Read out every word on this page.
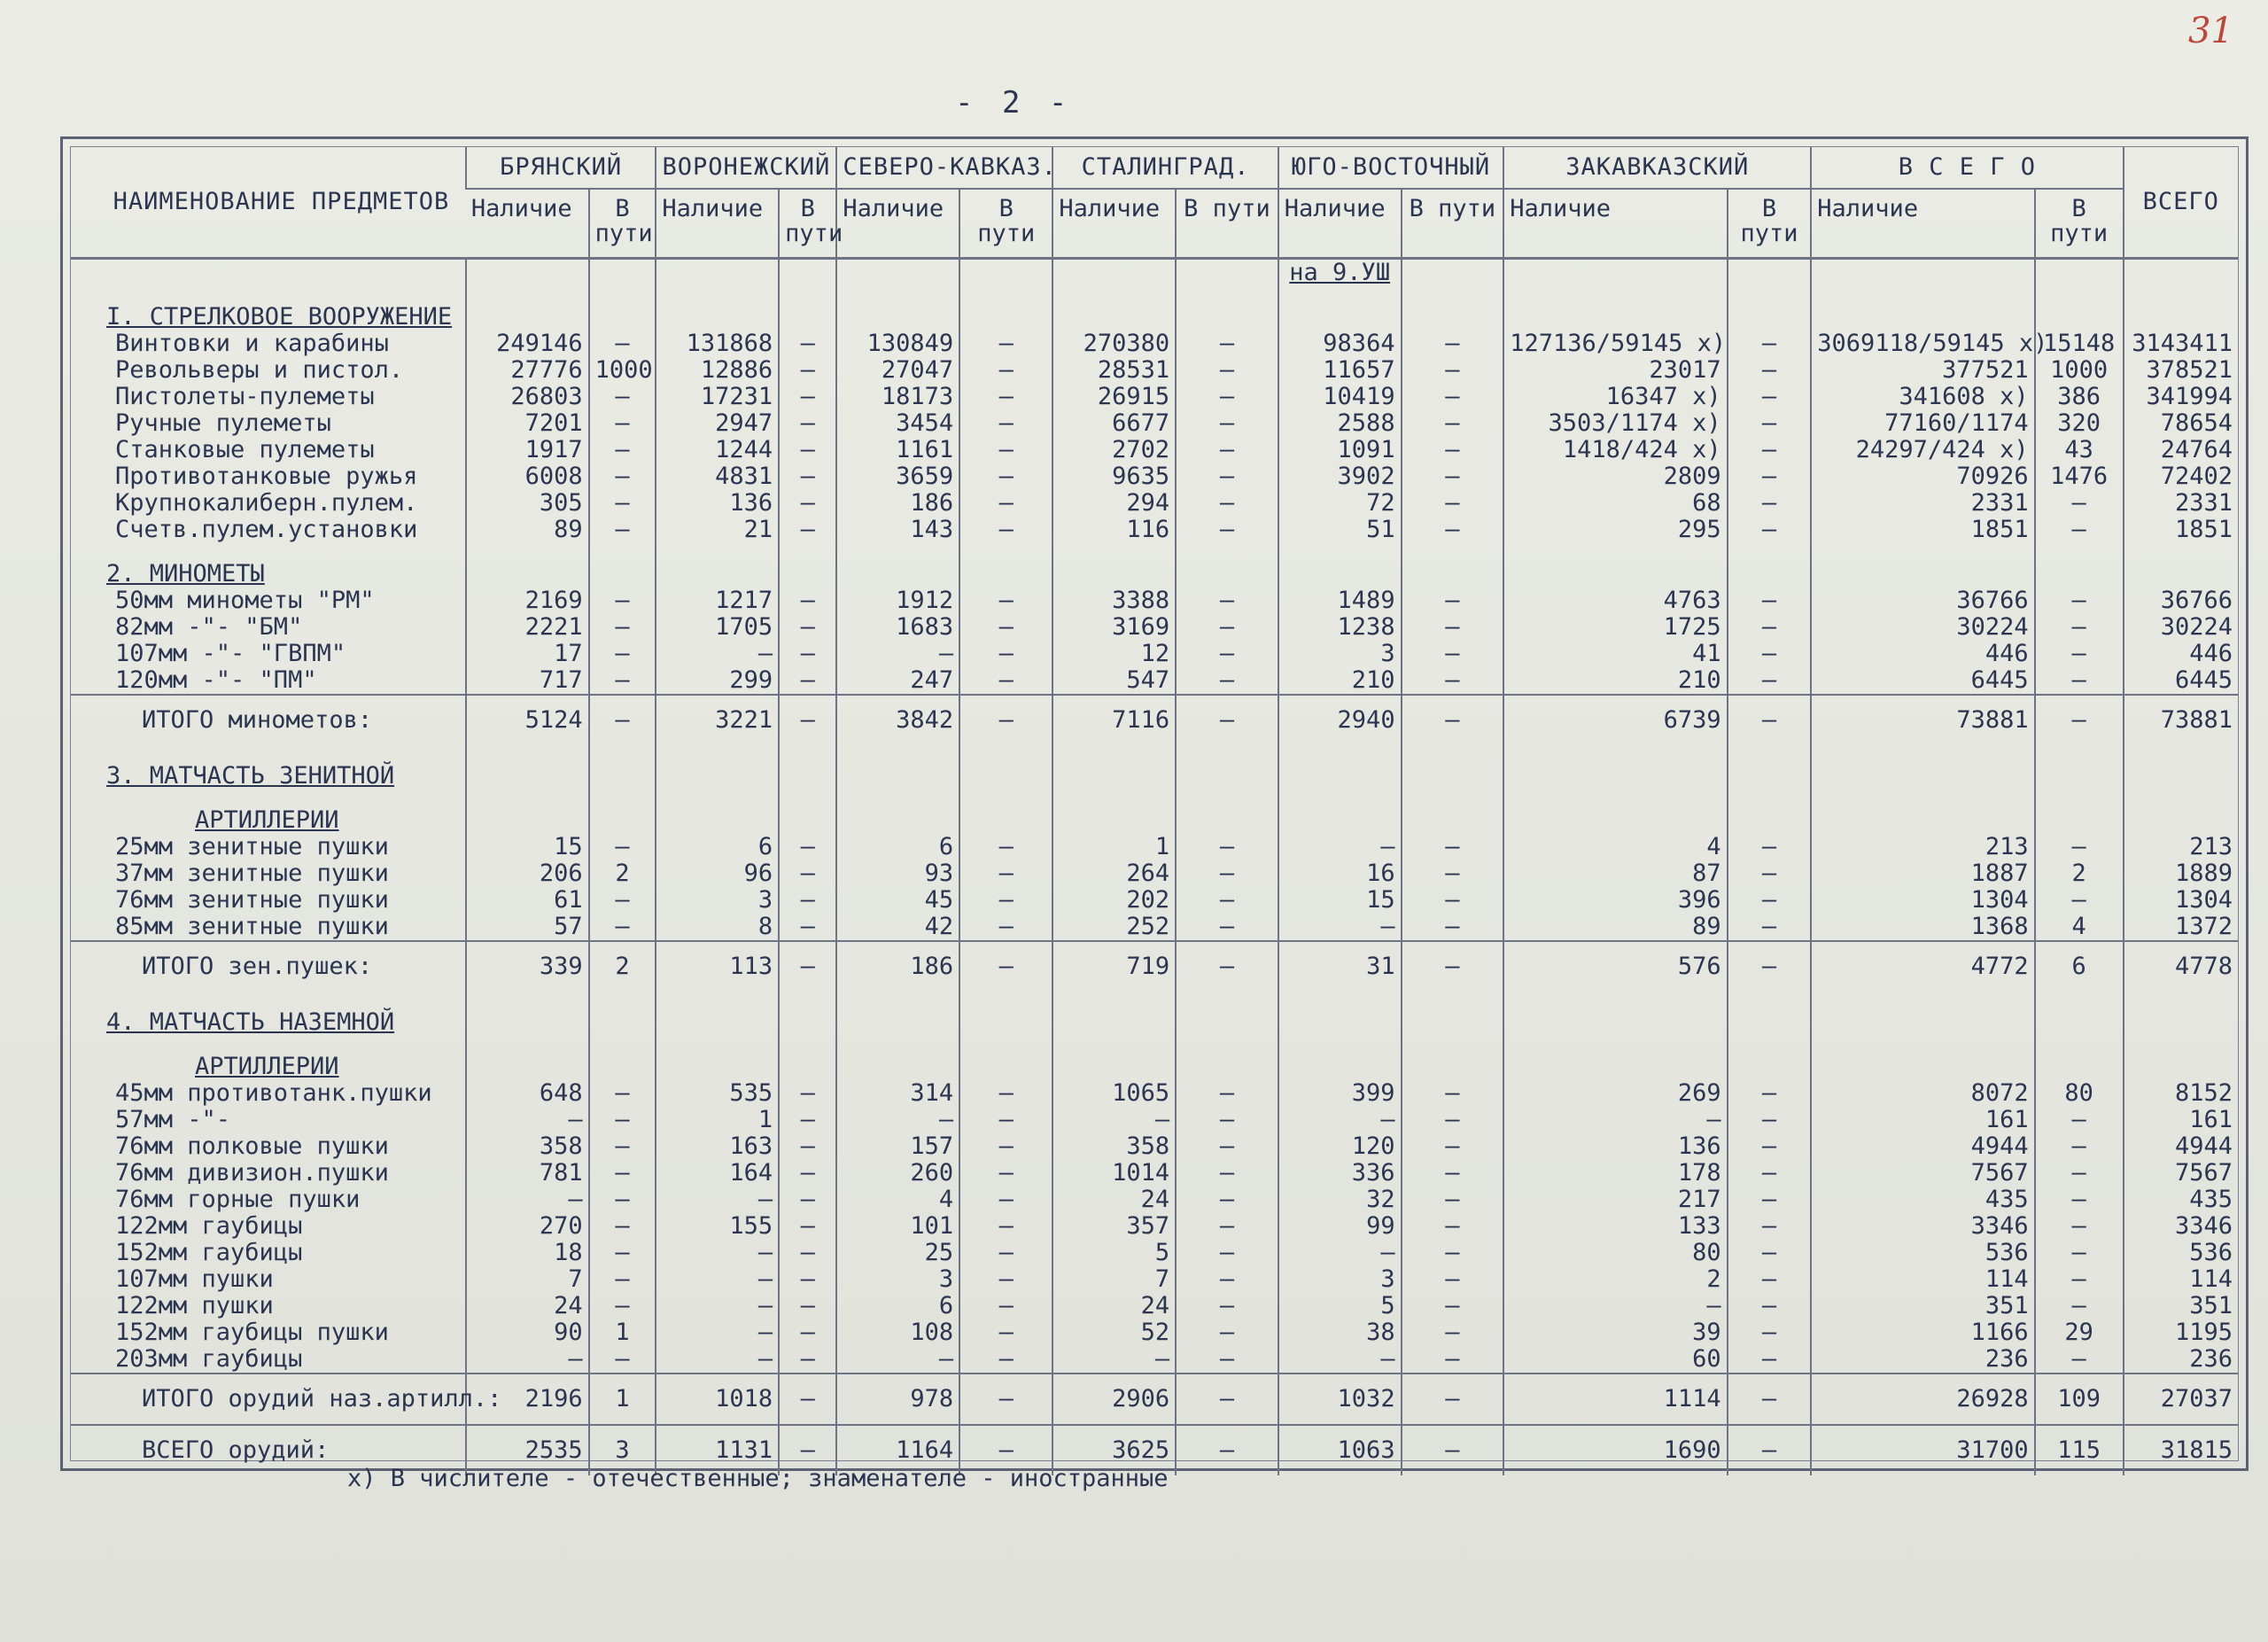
31
- 2 -
НАИМЕНОВАНИЕ ПРЕДМЕТОВ	БРЯНСКИЙ		ВОРОНЕЖСКИЙ		СЕВЕРО-КАВКАЗ.		СТАЛИНГРАД.		ЮГО-ВОСТОЧНЫЙ		ЗАКАВКАЗСКИЙ		В С Е Г О		ВСЕГО
	Наличие	В пути	Наличие	В пути	Наличие	В пути	Наличие	В пути	Наличие	В пути	Наличие	В пути	Наличие	В пути	
									на 9.УШ						
I. СТРЕЛКОВОЕ ВООРУЖЕНИЕ															
Винтовки и карабины	249146	–	131868	–	130849	–	270380	–	98364	–	127136/59145 x)	–	3069118/59145 x)	15148	3143411
Револьверы и пистол.	27776	1000	12886	–	27047	–	28531	–	11657	–	23017	–	377521	1000	378521
Пистолеты-пулеметы	26803	–	17231	–	18173	–	26915	–	10419	–	16347 x)	–	341608 x)	386	341994
Ручные пулеметы	7201	–	2947	–	3454	–	6677	–	2588	–	3503/1174 x)	–	77160/1174	320	78654
Станковые пулеметы	1917	–	1244	–	1161	–	2702	–	1091	–	1418/424 x)	–	24297/424 x)	43	24764
Противотанковые ружья	6008	–	4831	–	3659	–	9635	–	3902	–	2809	–	70926	1476	72402
Крупнокалиберн.пулем.	305	–	136	–	186	–	294	–	72	–	68	–	2331	–	2331
Счетв.пулем.установки	89	–	21	–	143	–	116	–	51	–	295	–	1851	–	1851
2. МИНОМЕТЫ															
50мм минометы "РМ"	2169	–	1217	–	1912	–	3388	–	1489	–	4763	–	36766	–	36766
82мм -"- "БМ"	2221	–	1705	–	1683	–	3169	–	1238	–	1725	–	30224	–	30224
107мм -"- "ГВПМ"	17	–	–	–	–	–	12	–	3	–	41	–	446	–	446
120мм -"- "ПМ"	717	–	299	–	247	–	547	–	210	–	210	–	6445	–	6445
ИТОГО минометов:	5124	–	3221	–	3842	–	7116	–	2940	–	6739	–	73881	–	73881
3. МАТЧАСТЬ ЗЕНИТНОЙ															
АРТИЛЛЕРИИ															
25мм зенитные пушки	15	–	6	–	6	–	1	–	–	–	4	–	213	–	213
37мм зенитные пушки	206	2	96	–	93	–	264	–	16	–	87	–	1887	2	1889
76мм зенитные пушки	61	–	3	–	45	–	202	–	15	–	396	–	1304	–	1304
85мм зенитные пушки	57	–	8	–	42	–	252	–	–	–	89	–	1368	4	1372
ИТОГО зен.пушек:	339	2	113	–	186	–	719	–	31	–	576	–	4772	6	4778
4. МАТЧАСТЬ НАЗЕМНОЙ															
АРТИЛЛЕРИИ															
45мм противотанк.пушки	648	–	535	–	314	–	1065	–	399	–	269	–	8072	80	8152
57мм -"-	–	–	1	–	–	—	–	–	–	–	–	–	161	–	161
76мм полковые пушки	358	–	163	–	157	–	358	–	120	–	136	–	4944	–	4944
76мм дивизион.пушки	781	–	164	–	260	–	1014	–	336	–	178	–	7567	–	7567
76мм горные пушки	–	–	–	–	4	–	24	–	32	–	217	–	435	–	435
122мм гаубицы	270	–	155	–	101	–	357	–	99	–	133	–	3346	–	3346
152мм гаубицы	18	–	–	–	25	–	5	–	–	–	80	–	536	–	536
107мм пушки	7	–	–	–	3	–	7	–	3	–	2	–	114	–	114
122мм пушки	24	–	–	–	6	–	24	–	5	–	–	–	351	–	351
152мм гаубицы пушки	90	1	–	–	108	–	52	–	38	–	39	–	1166	29	1195
203мм гаубицы	–	–	–	–	–	–	–	–	–	–	60	–	236	–	236
ИТОГО орудий наз.артилл.:	2196	1	1018	–	978	–	2906	–	1032	–	1114	–	26928	109	27037
ВСЕГО орудий:	2535	3	1131	–	1164	–	3625	–	1063	–	1690	–	31700	115	31815
x) В числителе - отечественные; знаменателе - иностранные
